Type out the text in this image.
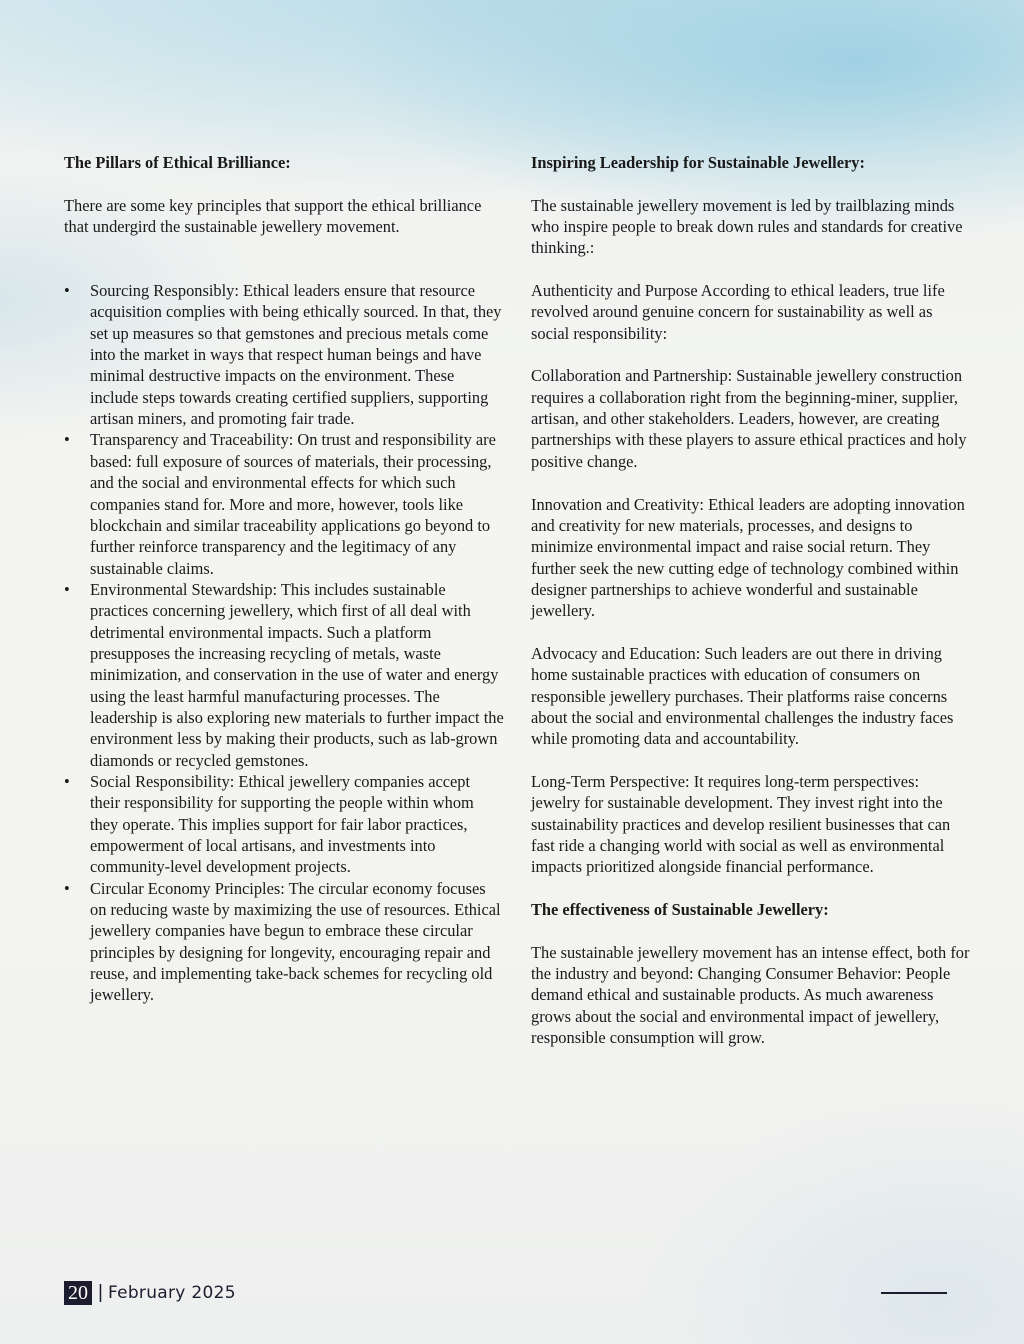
The Pillars of Ethical Brilliance:

There are some key principles that support the ethical brilliance that undergird the sustainable jewellery movement.

• Sourcing Responsibly: Ethical leaders ensure that resource acquisition complies with being ethically sourced. In that, they set up measures so that gemstones and precious metals come into the market in ways that respect human beings and have minimal destructive impacts on the environment. These include steps towards creating certified suppliers, supporting artisan miners, and promoting fair trade.
• Transparency and Traceability: On trust and responsibility are based: full exposure of sources of materials, their processing, and the social and environmental effects for which such companies stand for. More and more, however, tools like blockchain and similar traceability applications go beyond to further reinforce transparency and the legitimacy of any sustainable claims.
• Environmental Stewardship: This includes sustainable practices concerning jewellery, which first of all deal with detrimental environmental impacts. Such a platform presupposes the increasing recycling of metals, waste minimization, and conservation in the use of water and energy using the least harmful manufacturing processes. The leadership is also exploring new materials to further impact the environment less by making their products, such as lab-grown diamonds or recycled gemstones.
• Social Responsibility: Ethical jewellery companies accept their responsibility for supporting the people within whom they operate. This implies support for fair labor practices, empowerment of local artisans, and investments into community-level development projects.
• Circular Economy Principles: The circular economy focuses on reducing waste by maximizing the use of resources. Ethical jewellery companies have begun to embrace these circular principles by designing for longevity, encouraging repair and reuse, and implementing take-back schemes for recycling old jewellery.

Inspiring Leadership for Sustainable Jewellery:

The sustainable jewellery movement is led by trailblazing minds who inspire people to break down rules and standards for creative thinking.:

Authenticity and Purpose According to ethical leaders, true life revolved around genuine concern for sustainability as well as social responsibility:

Collaboration and Partnership: Sustainable jewellery construction requires a collaboration right from the beginning-miner, supplier, artisan, and other stakeholders. Leaders, however, are creating partnerships with these players to assure ethical practices and holy positive change.

Innovation and Creativity: Ethical leaders are adopting innovation and creativity for new materials, processes, and designs to minimize environmental impact and raise social return. They further seek the new cutting edge of technology combined within designer partnerships to achieve wonderful and sustainable jewellery.

Advocacy and Education: Such leaders are out there in driving home sustainable practices with education of consumers on responsible jewellery purchases. Their platforms raise concerns about the social and environmental challenges the industry faces while promoting data and accountability.

Long-Term Perspective: It requires long-term perspectives: jewelry for sustainable development. They invest right into the sustainability practices and develop resilient businesses that can fast ride a changing world with social as well as environmental impacts prioritized alongside financial performance.

The effectiveness of Sustainable Jewellery:

The sustainable jewellery movement has an intense effect, both for the industry and beyond: Changing Consumer Behavior: People demand ethical and sustainable products. As much awareness grows about the social and environmental impact of jewellery, responsible consumption will grow.

20 | February 2025
